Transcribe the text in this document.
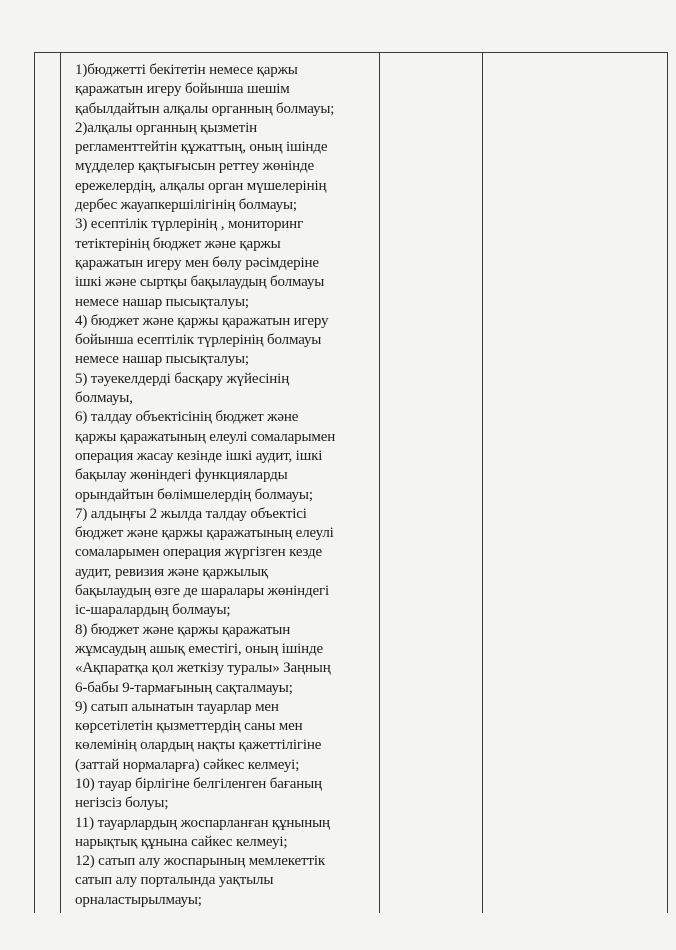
1)бюджетті бекітетін немесе қаржы
қаражатын игеру бойынша шешім
қабылдайтын алқалы органның болмауы;
2)алқалы органның қызметін
регламенттейтін құжаттың, оның ішінде
мүдделер қақтығысын реттеу жөнінде
ережелердің, алқалы орган мүшелерінің
дербес жауапкершілігінің болмауы;
3) есептілік түрлерінің , мониторинг
тетіктерінің бюджет және қаржы
қаражатын игеру мен бөлу рәсімдеріне
ішкі және сыртқы бақылаудың болмауы
немесе нашар пысықталуы;
4) бюджет және қаржы қаражатын игеру
бойынша есептілік түрлерінің болмауы
немесе нашар пысықталуы;
5) тәуекелдерді басқару жүйесінің
болмауы,
6) талдау объектісінің бюджет және
қаржы қаражатының елеулі сомаларымен
операция жасау кезінде ішкі аудит, ішкі
бақылау жөніндегі функцияларды
орындайтын бөлімшелердің болмауы;
7) алдыңғы 2 жылда талдау объектісі
бюджет және қаржы қаражатының елеулі
сомаларымен операция жүргізген кезде
аудит, ревизия және қаржылық
бақылаудың өзге де шаралары жөніндегі
іс-шаралардың болмауы;
8) бюджет және қаржы қаражатын
жұмсаудың ашық еместігі, оның ішінде
«Ақпаратқа қол жеткізу туралы» Заңның
6-бабы 9-тармағының сақталмауы;
9) сатып алынатын тауарлар мен
көрсетілетін қызметтердің саны мен
көлемінің олардың нақты қажеттілігіне
(заттай нормаларға) сәйкес келмеуі;
10) тауар бірлігіне белгіленген бағаның
негізсіз болуы;
11) тауарлардың жоспарланған құнының
нарықтық құнына сайкес келмеуі;
12) сатып алу жоспарының мемлекеттік
сатып алу порталында уақтылы
орналастырылмауы;
